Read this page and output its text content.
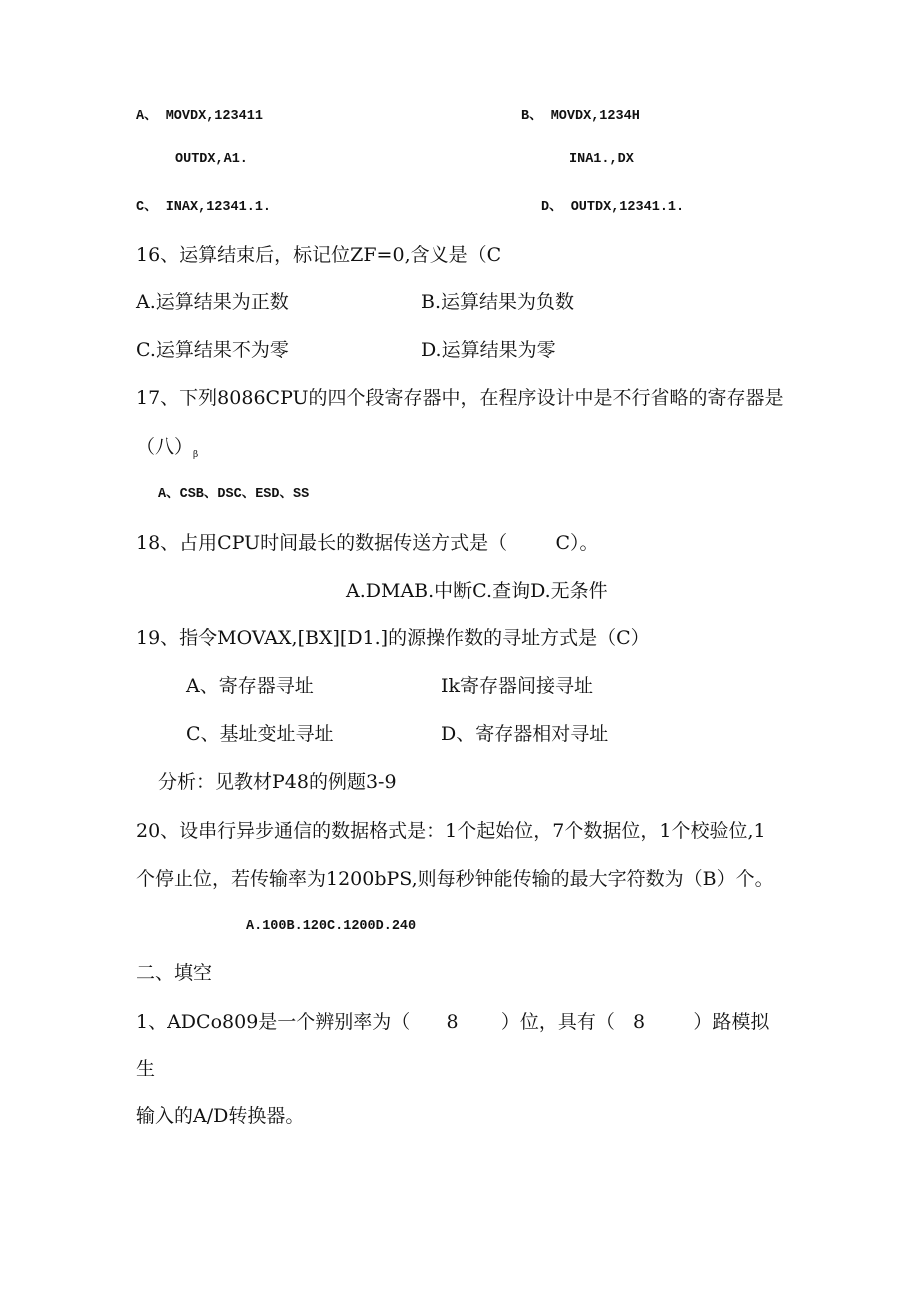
A、 MOVDX,123411	B、 MOVDX,1234H
OUTDX,A1.	INA1.,DX
C、 INAX,12341.1.	D、 OUTDX,12341.1.
16、运算结束后，标记位ZF=0,含义是（C
A.运算结果为正数	B.运算结果为负数
C.运算结果不为零	D.运算结果为零
17、下列8086CPU的四个段寄存器中，在程序设计中是不行省略的寄存器是
（八）$_\beta$
A、CSB、DSC、ESD、SS
18、占用CPU时间最长的数据传送方式是（        C）。
A.DMAB.中断C.查询D.无条件
19、指令MOVAX,[BX][D1.]的源操作数的寻址方式是（C）
A、寄存器寻址	Ik寄存器间接寻址
C、基址变址寻址	D、寄存器相对寻址
分析：见教材P48的例题3-9
20、设串行异步通信的数据格式是：1个起始位，7个数据位，1个校验位,1
个停止位，若传输率为1200bPS,则每秒钟能传输的最大字符数为（B）个。
A.100B.120C.1200D.240
二、填空
1、ADCo809是一个辨别率为（      8       ）位，具有（   8        ）路模拟
生
输入的A/D转换器。
